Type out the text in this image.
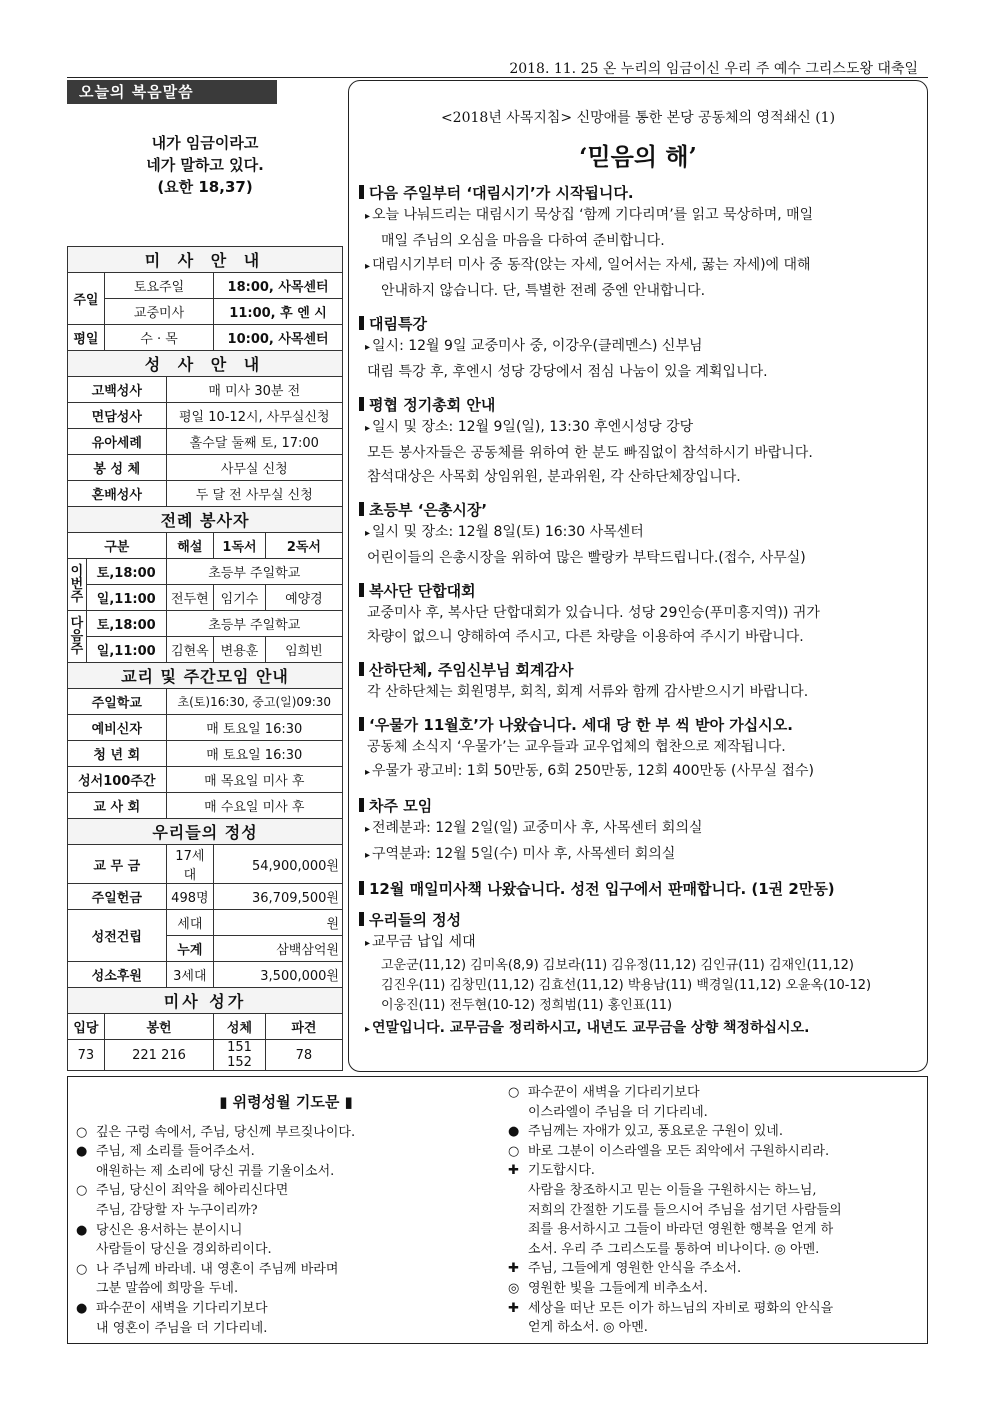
2018. 11. 25 온 누리의 임금이신 우리 주 예수 그리스도왕 대축일
오늘의 복음말씀
내가 임금이라고
네가 말하고 있다.
(요한 18,37)
미 사 안 내					
주일		토요주일		18:00, 사목센터	
		교중미사		11:00, 후 엔 시	
평일		수 · 목		10:00, 사목센터	
성 사 안 내					
고백성사			매 미사 30분 전		
면담성사			평일 10-12시, 사무실신청		
유아세례			홀수달 둘째 토, 17:00		
봉 성 체			사무실 신청		
혼배성사			두 달 전 사무실 신청		
전례 봉사자					
구분			해설	1독서	2독서
이번주	토,18:00		초등부 주일학교		
	일,11:00		전두현	임기수	예양경
다음주	토,18:00		초등부 주일학교		
	일,11:00		김현옥	변용훈	임희빈
교리 및 주간모임 안내					
주일학교			초(토)16:30, 중고(일)09:30		
예비신자			매 토요일 16:30		
청 년 회			매 토요일 16:30		
성서100주간			매 목요일 미사 후		
교 사 회			매 수요일 미사 후		
우리들의 정성					
교 무 금			17세대	54,900,000원	
주일헌금			498명	36,709,500원	
성전건립			세대	원	
			누계	삼백삼억원	
성소후원			3세대	3,500,000원	
미사 성가					
입당		봉헌		성체	파견
73		221 216		151 152	78
<2018년 사목지침> 신망애를 통한 본당 공동체의 영적쇄신 (1)
‘믿음의 해’
다음 주일부터 ‘대림시기’가 시작됩니다.
▸ 오늘 나눠드리는 대림시기 묵상집 ‘함께 기다리며’를 읽고 묵상하며, 매일
매일 주님의 오심을 마음을 다하여 준비합니다.
▸ 대림시기부터 미사 중 동작(앉는 자세, 일어서는 자세, 꿇는 자세)에 대해
안내하지 않습니다. 단, 특별한 전례 중엔 안내합니다.
대림특강
▸ 일시: 12월 9일 교중미사 중, 이강우(클레멘스) 신부님
대림 특강 후, 후엔시 성당 강당에서 점심 나눔이 있을 계획입니다.
평협 정기총회 안내
▸ 일시 및 장소: 12월 9일(일), 13:30 후엔시성당 강당
모든 봉사자들은 공동체를 위하여 한 분도 빠짐없이 참석하시기 바랍니다.
참석대상은 사목회 상임위원, 분과위원, 각 산하단체장입니다.
초등부 ‘은총시장’
▸ 일시 및 장소: 12월 8일(토) 16:30 사목센터
어린이들의 은총시장을 위하여 많은 빨랑카 부탁드립니다.(접수, 사무실)
복사단 단합대회
교중미사 후, 복사단 단합대회가 있습니다. 성당 29인승(푸미흥지역)) 귀가
차량이 없으니 양해하여 주시고, 다른 차량을 이용하여 주시기 바랍니다.
산하단체, 주임신부님 회계감사
각 산하단체는 회원명부, 회칙, 회계 서류와 함께 감사받으시기 바랍니다.
‘우물가 11월호’가 나왔습니다. 세대 당 한 부 씩 받아 가십시오.
공동체 소식지 ‘우물가’는 교우들과 교우업체의 협찬으로 제작됩니다.
▸ 우물가 광고비: 1회 50만동, 6회 250만동, 12회 400만동 (사무실 접수)
차주 모임
▸ 전례분과: 12월 2일(일) 교중미사 후, 사목센터 회의실
▸ 구역분과: 12월 5일(수) 미사 후, 사목센터 회의실
12월 매일미사책 나왔습니다. 성전 입구에서 판매합니다. (1권 2만동)
우리들의 정성
▸ 교무금 납입 세대
고운군(11,12) 김미옥(8,9) 김보라(11) 김유정(11,12) 김인규(11) 김재인(11,12)
김진우(11) 김창민(11,12) 김효선(11,12) 박용남(11) 백경일(11,12) 오윤옥(10-12)
이웅진(11) 전두현(10-12) 정희범(11) 홍인표(11)
▸ 연말입니다. 교무금을 정리하시고, 내년도 교무금을 상향 책정하십시오.
▮ 위령성월 기도문 ▮
○ 깊은 구렁 속에서, 주님, 당신께 부르짖나이다.
● 주님, 제 소리를 들어주소서.
애원하는 제 소리에 당신 귀를 기울이소서.
○ 주님, 당신이 죄악을 헤아리신다면
주님, 감당할 자 누구이리까?
● 당신은 용서하는 분이시니
사람들이 당신을 경외하리이다.
○ 나 주님께 바라네. 내 영혼이 주님께 바라며
그분 말씀에 희망을 두네.
● 파수꾼이 새벽을 기다리기보다
내 영혼이 주님을 더 기다리네.
○ 파수꾼이 새벽을 기다리기보다
이스라엘이 주님을 더 기다리네.
● 주님께는 자애가 있고, 풍요로운 구원이 있네.
○ 바로 그분이 이스라엘을 모든 죄악에서 구원하시리라.
✚ 기도합시다.
사람을 창조하시고 믿는 이들을 구원하시는 하느님,
저희의 간절한 기도를 들으시어 주님을 섬기던 사람들의
죄를 용서하시고 그들이 바라던 영원한 행복을 얻게 하
소서. 우리 주 그리스도를 통하여 비나이다. ◎ 아멘.
✚ 주님, 그들에게 영원한 안식을 주소서.
◎ 영원한 빛을 그들에게 비추소서.
✚ 세상을 떠난 모든 이가 하느님의 자비로 평화의 안식을
얻게 하소서. ◎ 아멘.
